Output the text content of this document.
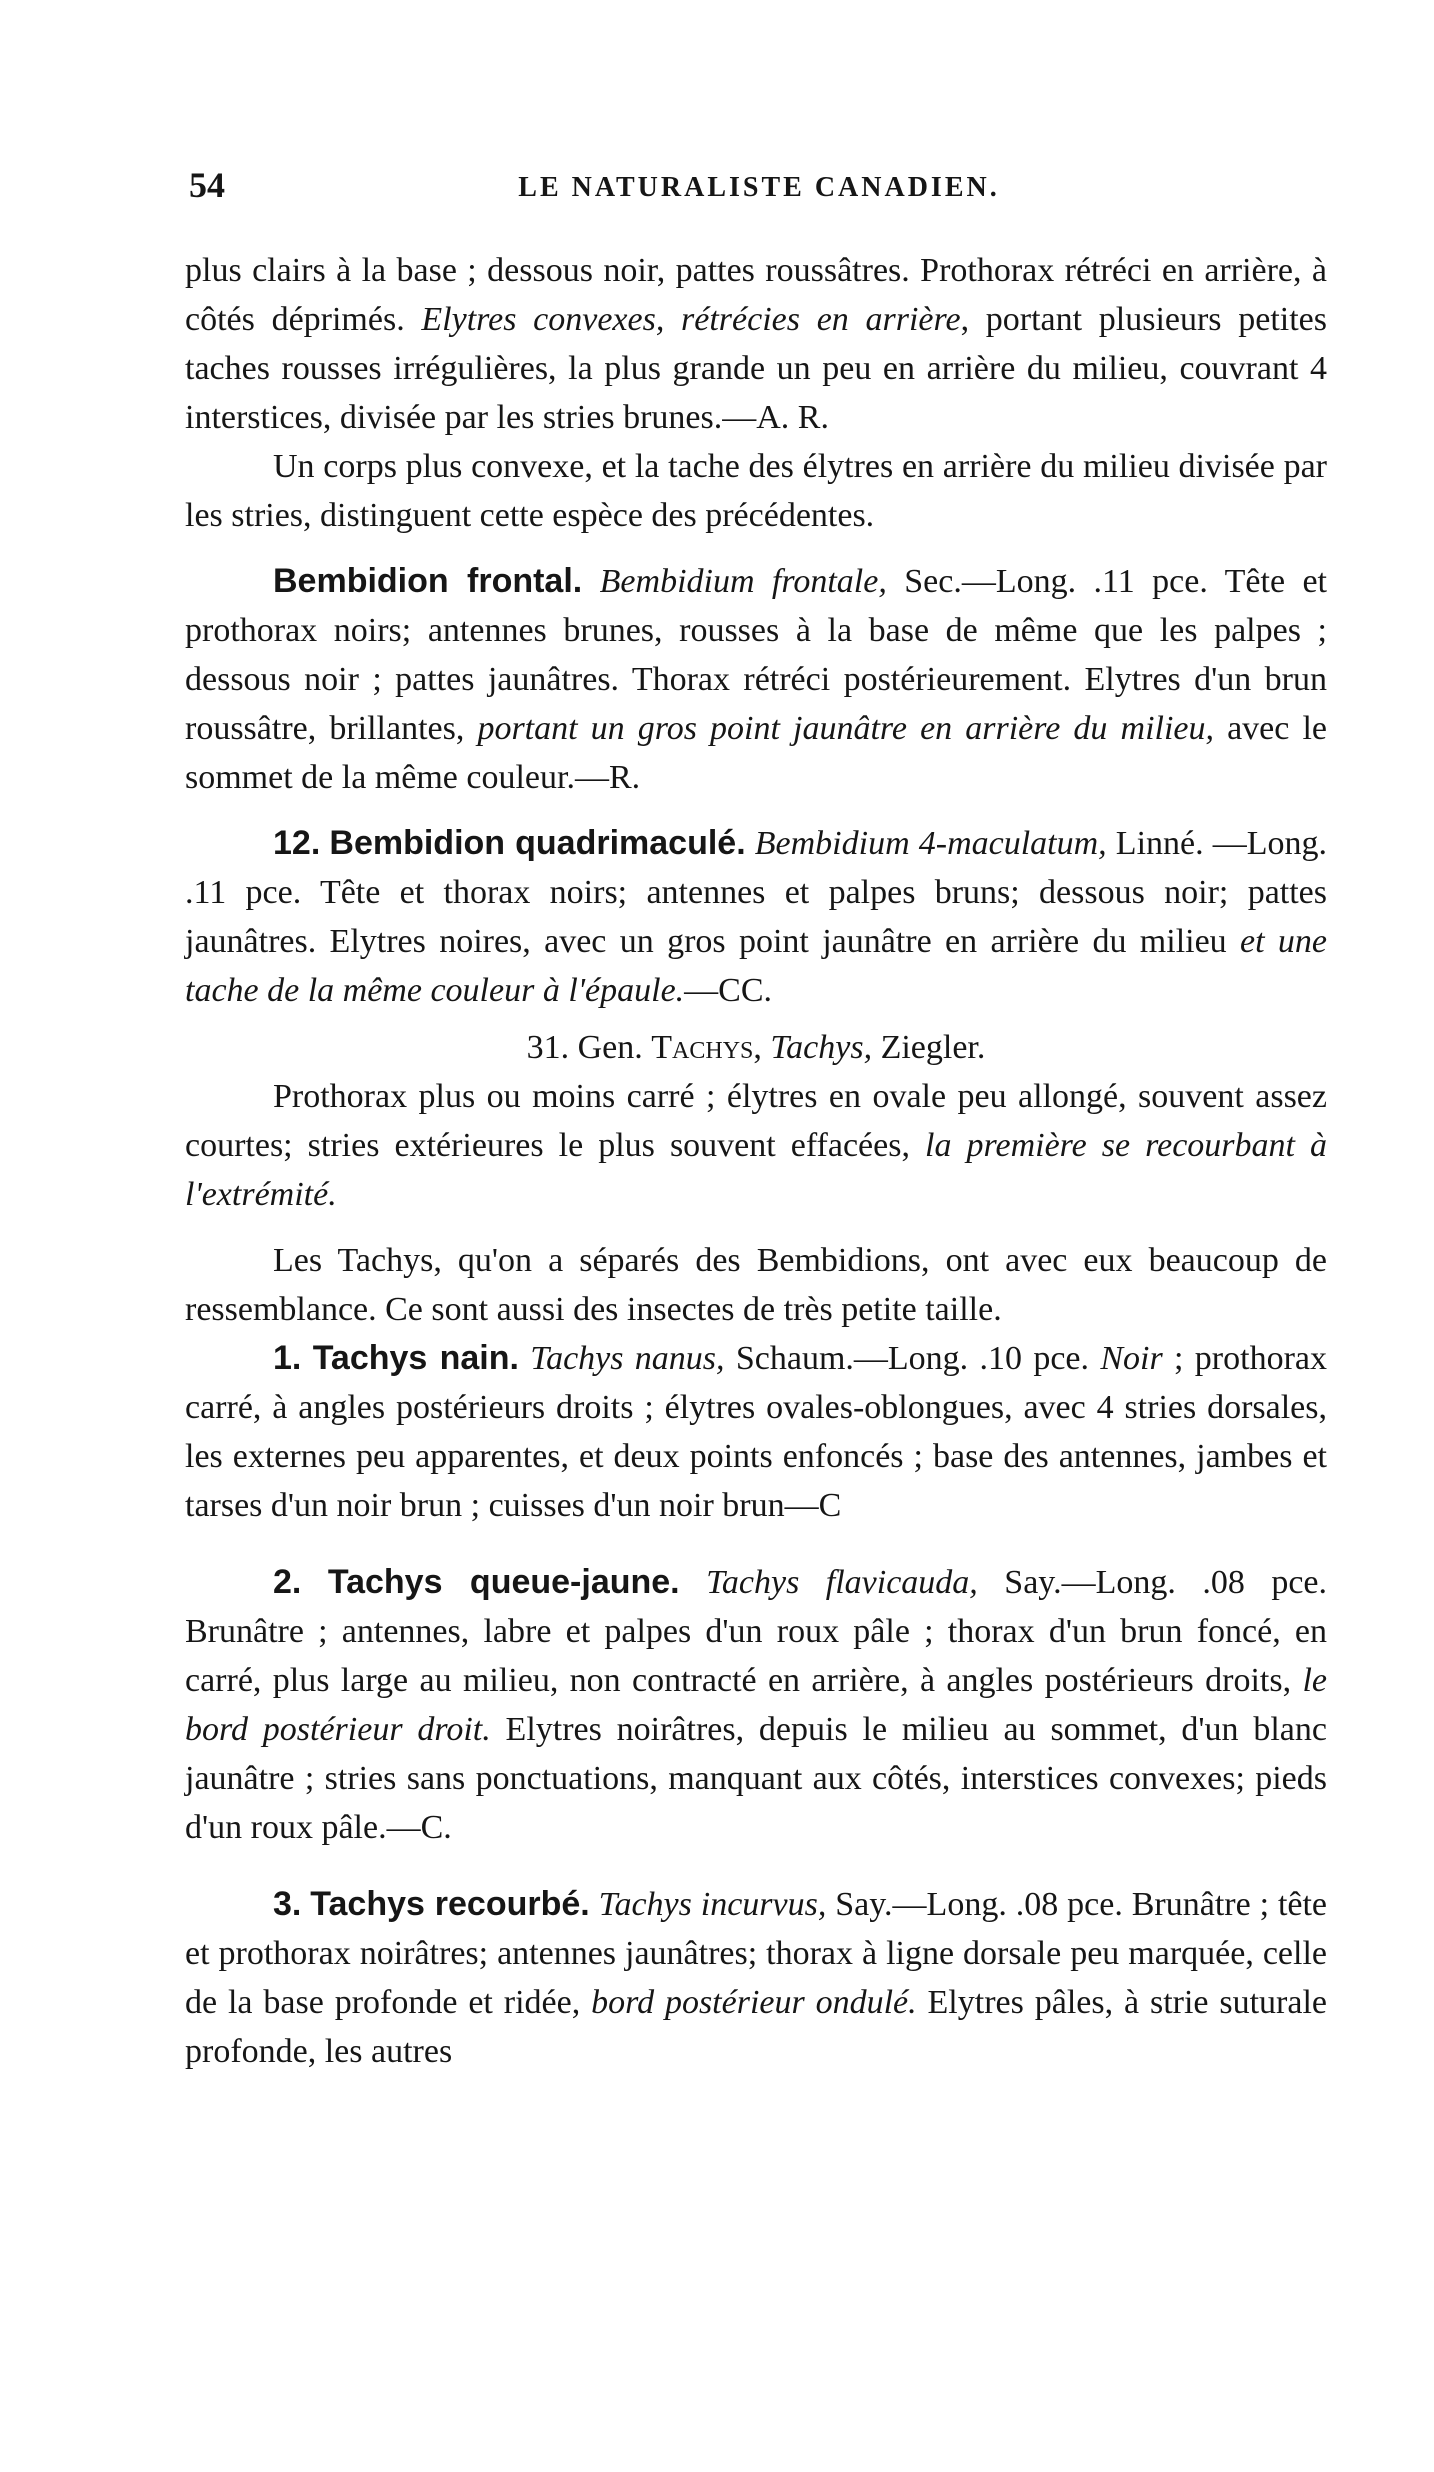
54	LE NATURALISTE CANADIEN.

plus clairs à la base ; dessous noir, pattes roussâtres. Prothorax rétréci en arrière, à côtés déprimés. Elytres convexes, rétrécies en arrière, portant plusieurs petites taches rousses irrégulières, la plus grande un peu en arrière du milieu, couvrant 4 interstices, divisée par les stries brunes.—A. R.

Un corps plus convexe, et la tache des élytres en arrière du milieu divisée par les stries, distinguent cette espèce des précédentes.

Bembidion frontal. Bembidium frontale, Sec.—Long. .11 pce. Tête et prothorax noirs; antennes brunes, rousses à la base de même que les palpes ; dessous noir ; pattes jaunâtres. Thorax rétréci postérieurement. Elytres d'un brun roussâtre, brillantes, portant un gros point jaunâtre en arrière du milieu, avec le sommet de la même couleur.—R.

12. Bembidion quadrimaculé. Bembidium 4-maculatum, Linné. —Long. .11 pce. Tête et thorax noirs; antennes et palpes bruns; dessous noir; pattes jaunâtres. Elytres noires, avec un gros point jaunâtre en arrière du milieu et une tache de la même couleur à l'épaule.—CC.

31. Gen. Tachys, Tachys, Ziegler.

Prothorax plus ou moins carré ; élytres en ovale peu allongé, souvent assez courtes; stries extérieures le plus souvent effacées, la première se recourbant à l'extrémité.

Les Tachys, qu'on a séparés des Bembidions, ont avec eux beaucoup de ressemblance. Ce sont aussi des insectes de très petite taille.

1. Tachys nain. Tachys nanus, Schaum.—Long. .10 pce. Noir ; prothorax carré, à angles postérieurs droits ; élytres ovales-oblongues, avec 4 stries dorsales, les externes peu apparentes, et deux points enfoncés ; base des antennes, jambes et tarses d'un noir brun ; cuisses d'un noir brun—C

2. Tachys queue-jaune. Tachys flavicauda, Say.—Long. .08 pce. Brunâtre ; antennes, labre et palpes d'un roux pâle ; thorax d'un brun foncé, en carré, plus large au milieu, non contracté en arrière, à angles postérieurs droits, le bord postérieur droit. Elytres noirâtres, depuis le milieu au sommet, d'un blanc jaunâtre ; stries sans ponctuations, manquant aux côtés, interstices convexes; pieds d'un roux pâle.—C.

3. Tachys recourbé. Tachys incurvus, Say.—Long. .08 pce. Brunâtre ; tête et prothorax noirâtres; antennes jaunâtres; thorax à ligne dorsale peu marquée, celle de la base profonde et ridée, bord postérieur ondulé. Elytres pâles, à strie suturale profonde, les autres
